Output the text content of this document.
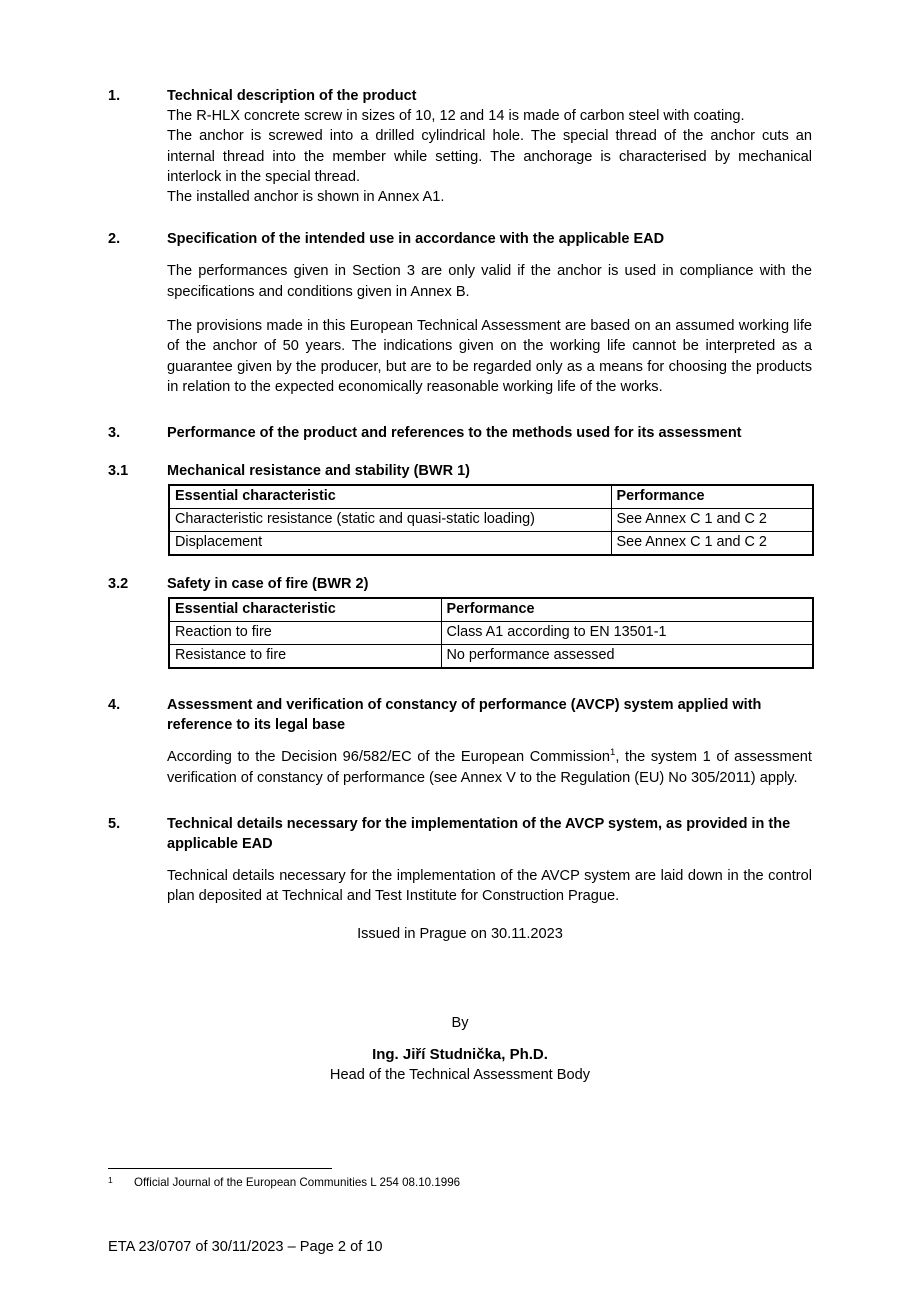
1.	Technical description of the product

The R-HLX concrete screw in sizes of 10, 12 and 14 is made of carbon steel with coating.

The anchor is screwed into a drilled cylindrical hole. The special thread of the anchor cuts an internal thread into the member while setting. The anchorage is characterised by mechanical interlock in the special thread.

The installed anchor is shown in Annex A1.

2.	Specification of the intended use in accordance with the applicable EAD

The performances given in Section 3 are only valid if the anchor is used in compliance with the specifications and conditions given in Annex B.

The provisions made in this European Technical Assessment are based on an assumed working life of the anchor of 50 years. The indications given on the working life cannot be interpreted as a guarantee given by the producer, but are to be regarded only as a means for choosing the products in relation to the expected economically reasonable working life of the works.

3.	Performance of the product and references to the methods used for its assessment
3.1	Mechanical resistance and stability (BWR 1)
Essential characteristic	Performance
Characteristic resistance (static and quasi-static loading)	See Annex C 1 and C 2
Displacement	See Annex C 1 and C 2
3.2	Safety in case of fire (BWR 2)
Essential characteristic	Performance
Reaction to fire	Class A1 according to EN 13501-1
Resistance to fire	No performance assessed
4.	Assessment and verification of constancy of performance (AVCP) system applied with reference to its legal base

According to the Decision 96/582/EC of the European Commission$^1$, the system 1 of assessment verification of constancy of performance (see Annex V to the Regulation (EU) No 305/2011) apply.

5.	Technical details necessary for the implementation of the AVCP system, as provided in the applicable EAD

Technical details necessary for the implementation of the AVCP system are laid down in the control plan deposited at Technical and Test Institute for Construction Prague.

Issued in Prague on 30.11.2023
By
Ing. Jiří Studnička, Ph.D.
Head of the Technical Assessment Body
1	Official Journal of the European Communities L 254 08.10.1996
ETA 23/0707 of 30/11/2023 – Page 2 of 10
